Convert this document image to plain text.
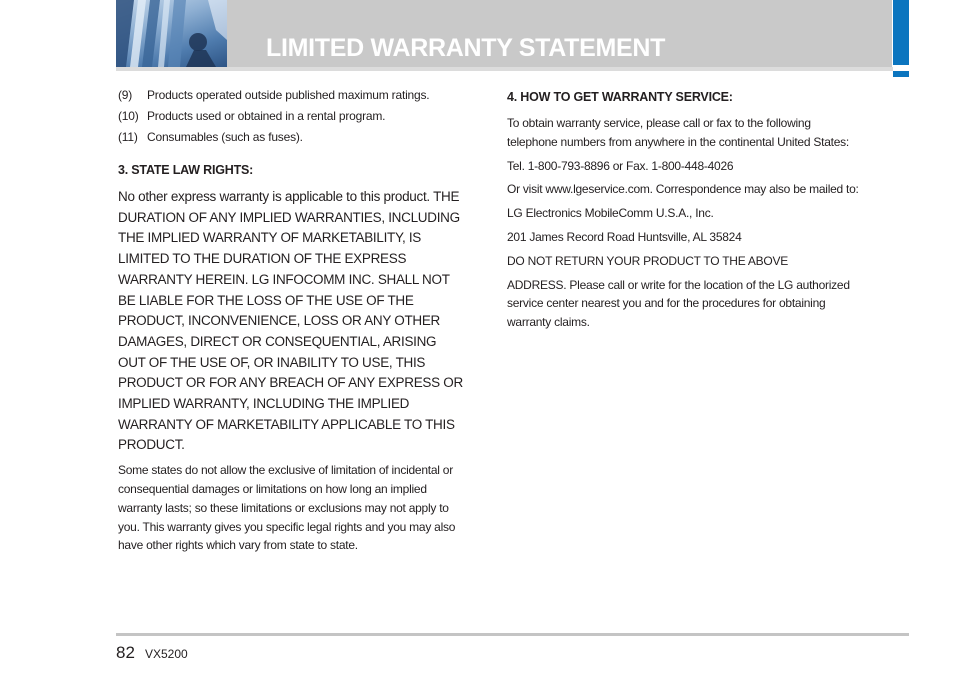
LIMITED WARRANTY STATEMENT
(9)	Products operated outside published maximum ratings.
(10) Products used or obtained in a rental program.
(11) Consumables (such as fuses).
3. STATE LAW RIGHTS:

No other express warranty is applicable to this product. THE DURATION OF ANY IMPLIED WARRANTIES, INCLUDING THE IMPLIED WARRANTY OF MARKETABILITY, IS LIMITED TO THE DURATION OF THE EXPRESS WARRANTY HEREIN. LG INFOCOMM INC. SHALL NOT BE LIABLE FOR THE LOSS OF THE USE OF THE PRODUCT, INCONVENIENCE, LOSS OR ANY OTHER DAMAGES, DIRECT OR CONSEQUENTIAL, ARISING OUT OF THE USE OF, OR INABILITY TO USE, THIS PRODUCT OR FOR ANY BREACH OF ANY EXPRESS OR IMPLIED WARRANTY, INCLUDING THE IMPLIED WARRANTY OF MARKETABILITY APPLICABLE TO THIS PRODUCT.

Some states do not allow the exclusive of limitation of incidental or consequential damages or limitations on how long an implied warranty lasts; so these limitations or exclusions may not apply to you. This warranty gives you specific legal rights and you may also have other rights which vary from state to state.

4. HOW TO GET WARRANTY SERVICE:

To obtain warranty service, please call or fax to the following telephone numbers from anywhere in the continental United States:

Tel. 1-800-793-8896 or Fax. 1-800-448-4026

Or visit www.lgeservice.com. Correspondence may also be mailed to:

LG Electronics MobileComm U.S.A., Inc.

201 James Record Road Huntsville, AL 35824

DO NOT RETURN YOUR PRODUCT TO THE ABOVE

ADDRESS. Please call or write for the location of the LG authorized service center nearest you and for the procedures for obtaining warranty claims.

82 VX5200
